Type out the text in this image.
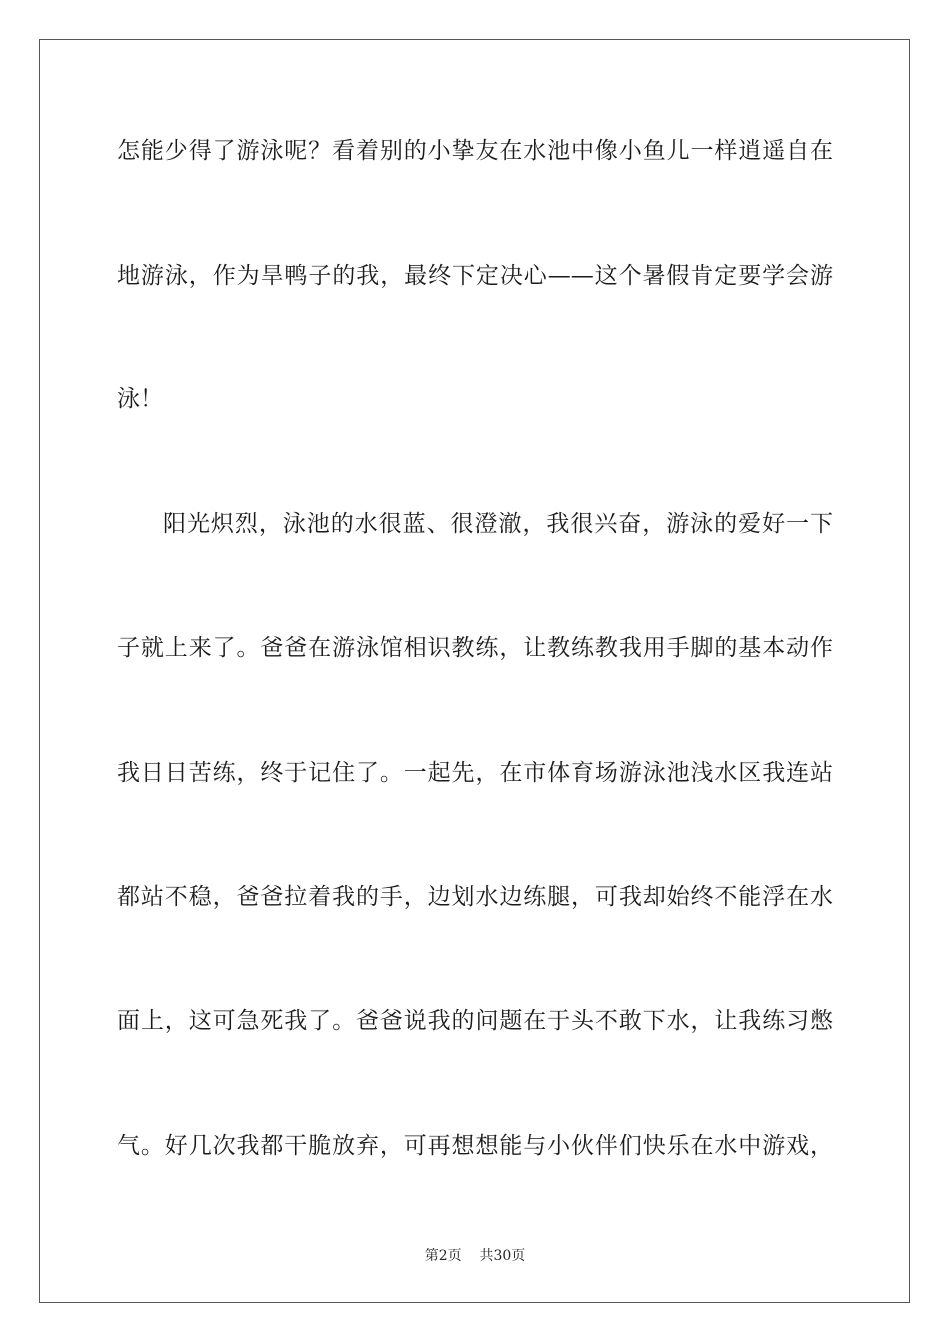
怎能少得了游泳呢？看着别的小挚友在水池中像小鱼儿一样逍遥自在
地游泳，作为旱鸭子的我，最终下定决心——这个暑假肯定要学会游
泳！
阳光炽烈，泳池的水很蓝、很澄澈，我很兴奋，游泳的爱好一下
子就上来了。爸爸在游泳馆相识教练，让教练教我用手脚的基本动作
我日日苦练，终于记住了。一起先，在市体育场游泳池浅水区我连站
都站不稳，爸爸拉着我的手，边划水边练腿，可我却始终不能浮在水
面上，这可急死我了。爸爸说我的问题在于头不敢下水，让我练习憋
气。好几次我都干脆放弃，可再想想能与小伙伴们快乐在水中游戏，
第2页 共30页
